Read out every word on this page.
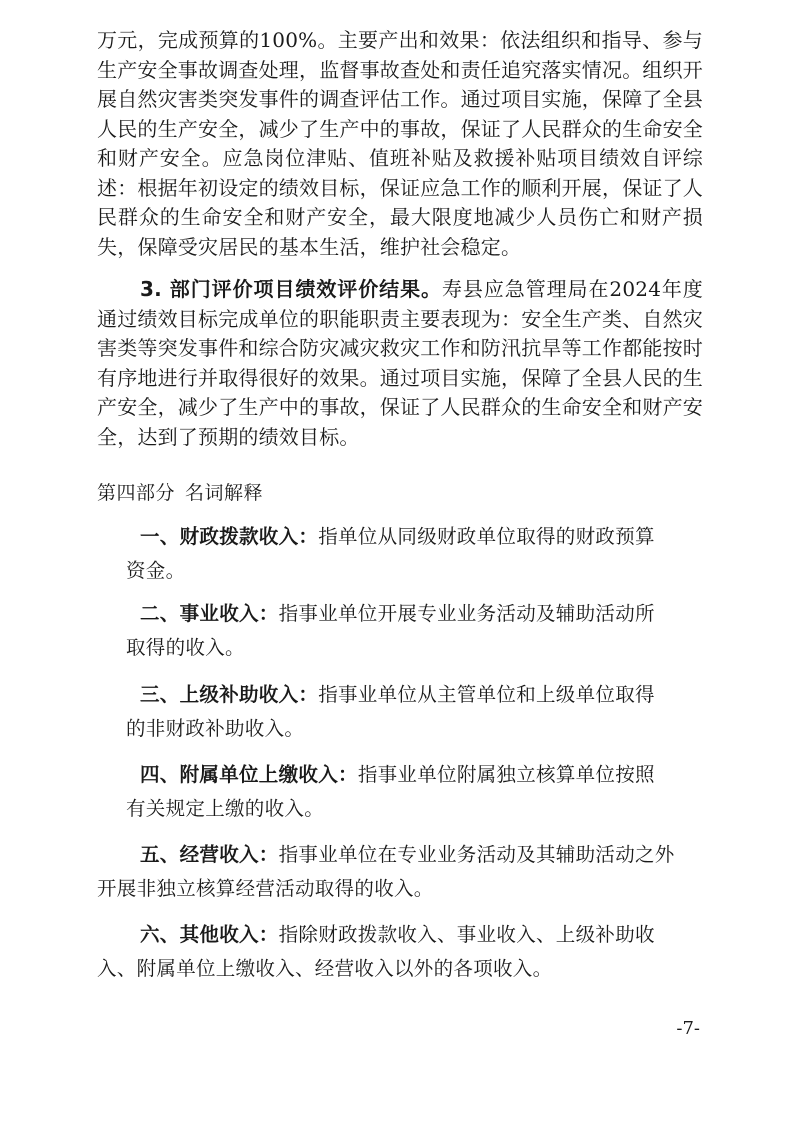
万元，完成预算的100%。主要产出和效果：依法组织和指导、参与生产安全事故调查处理，监督事故查处和责任追究落实情况。组织开展自然灾害类突发事件的调查评估工作。通过项目实施，保障了全县人民的生产安全，减少了生产中的事故，保证了人民群众的生命安全和财产安全。应急岗位津贴、值班补贴及救援补贴项目绩效自评综述：根据年初设定的绩效目标，保证应急工作的顺利开展，保证了人民群众的生命安全和财产安全，最大限度地减少人员伤亡和财产损失，保障受灾居民的基本生活，维护社会稳定。
3. 部门评价项目绩效评价结果。寿县应急管理局在2024年度通过绩效目标完成单位的职能职责主要表现为：安全生产类、自然灾害类等突发事件和综合防灾减灾救灾工作和防汛抗旱等工作都能按时有序地进行并取得很好的效果。通过项目实施，保障了全县人民的生产安全，减少了生产中的事故，保证了人民群众的生命安全和财产安全，达到了预期的绩效目标。
第四部分 名词解释
一、财政拨款收入：指单位从同级财政单位取得的财政预算
资金。
二、事业收入：指事业单位开展专业业务活动及辅助活动所
取得的收入。
三、上级补助收入：指事业单位从主管单位和上级单位取得
的非财政补助收入。
四、附属单位上缴收入：指事业单位附属独立核算单位按照
有关规定上缴的收入。
五、经营收入：指事业单位在专业业务活动及其辅助活动之外
开展非独立核算经营活动取得的收入。
六、其他收入：指除财政拨款收入、事业收入、上级补助收
入、附属单位上缴收入、经营收入以外的各项收入。
-7-
